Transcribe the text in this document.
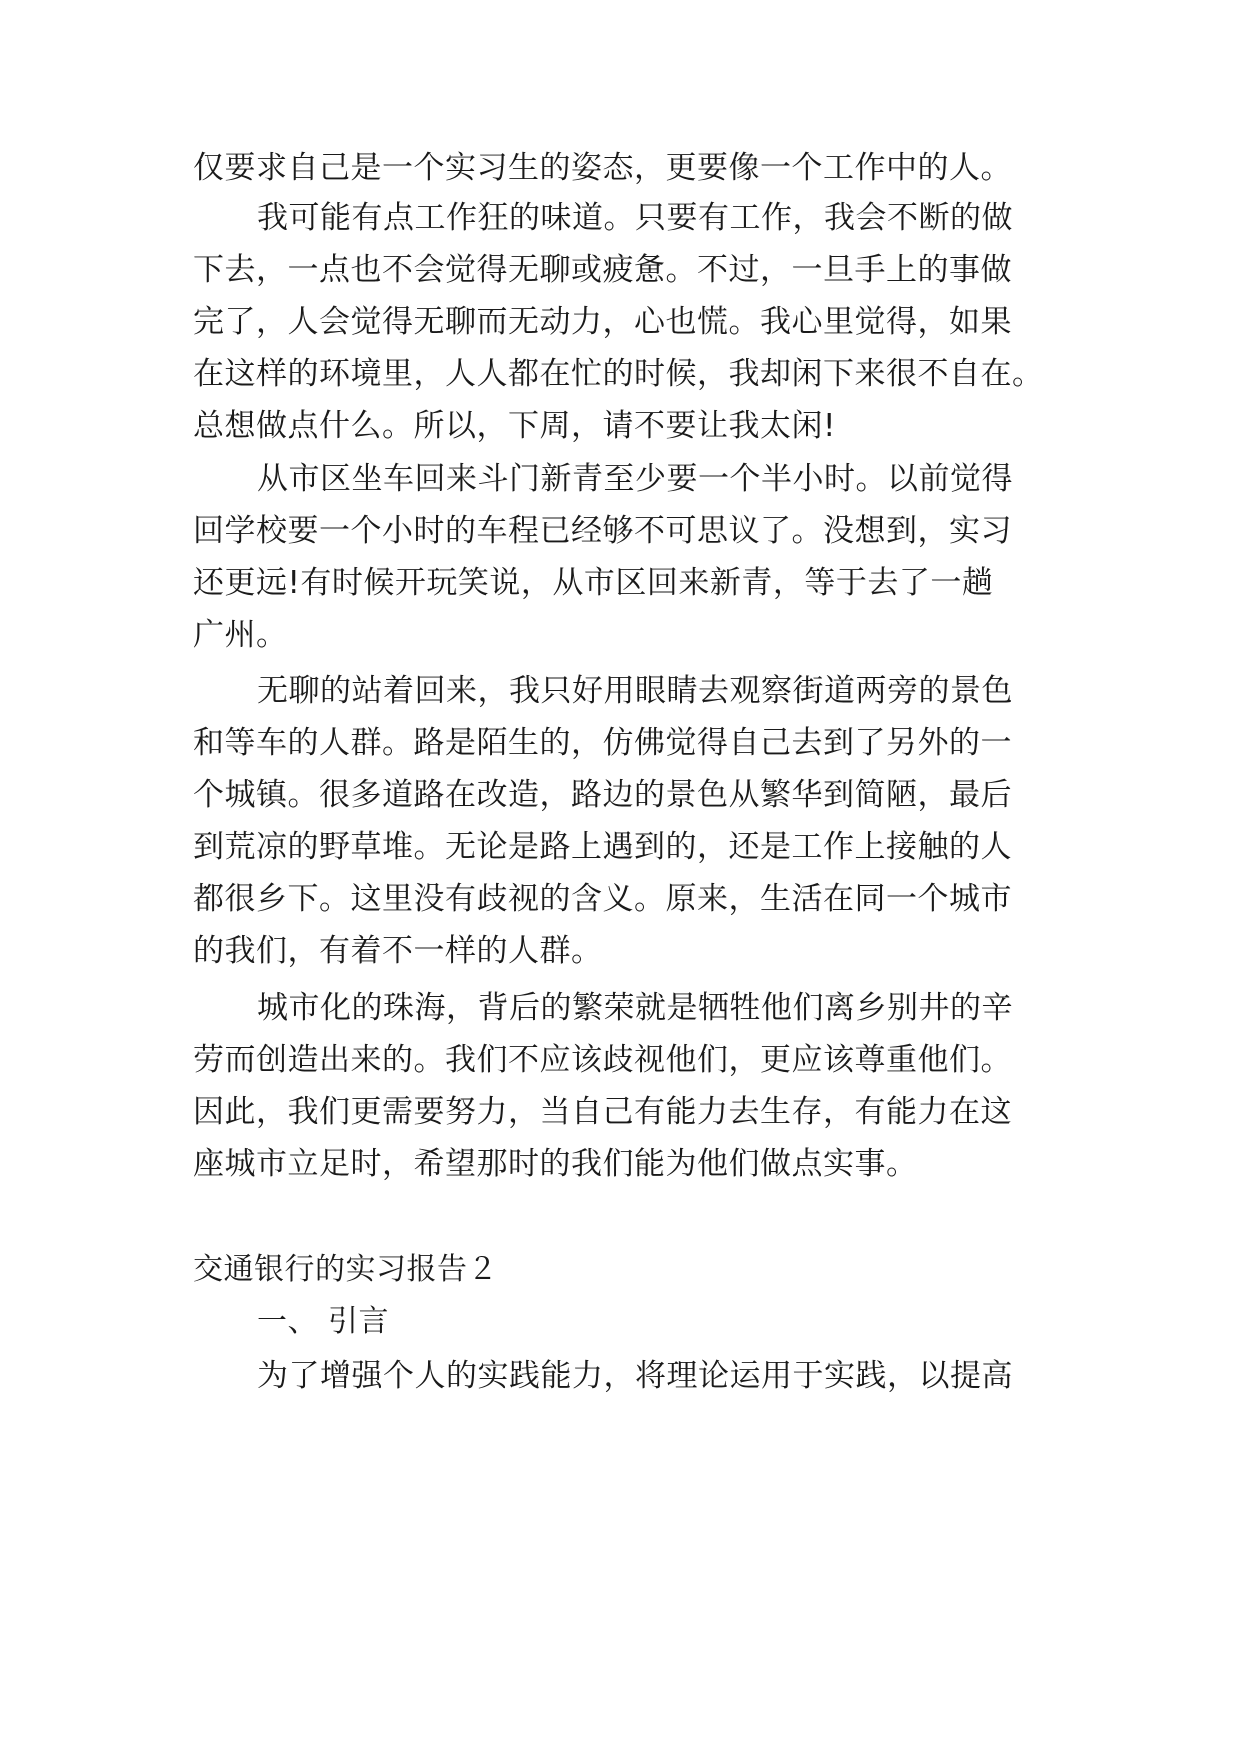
仅要求自己是一个实习生的姿态，更要像一个工作中的人。
我可能有点工作狂的味道。只要有工作，我会不断的做
下去，一点也不会觉得无聊或疲惫。不过，一旦手上的事做
完了，人会觉得无聊而无动力，心也慌。我心里觉得，如果
在这样的环境里，人人都在忙的时候，我却闲下来很不自在。
总想做点什么。所以，下周，请不要让我太闲!
从市区坐车回来斗门新青至少要一个半小时。以前觉得
回学校要一个小时的车程已经够不可思议了。没想到，实习
还更远!有时候开玩笑说，从市区回来新青，等于去了一趟
广州。
无聊的站着回来，我只好用眼睛去观察街道两旁的景色
和等车的人群。路是陌生的，仿佛觉得自己去到了另外的一
个城镇。很多道路在改造，路边的景色从繁华到简陋，最后
到荒凉的野草堆。无论是路上遇到的，还是工作上接触的人
都很乡下。这里没有歧视的含义。原来，生活在同一个城市
的我们，有着不一样的人群。
城市化的珠海，背后的繁荣就是牺牲他们离乡别井的辛
劳而创造出来的。我们不应该歧视他们，更应该尊重他们。
因此，我们更需要努力，当自己有能力去生存，有能力在这
座城市立足时，希望那时的我们能为他们做点实事。
交通银行的实习报告２
一、 引言
为了增强个人的实践能力，将理论运用于实践，以提高
